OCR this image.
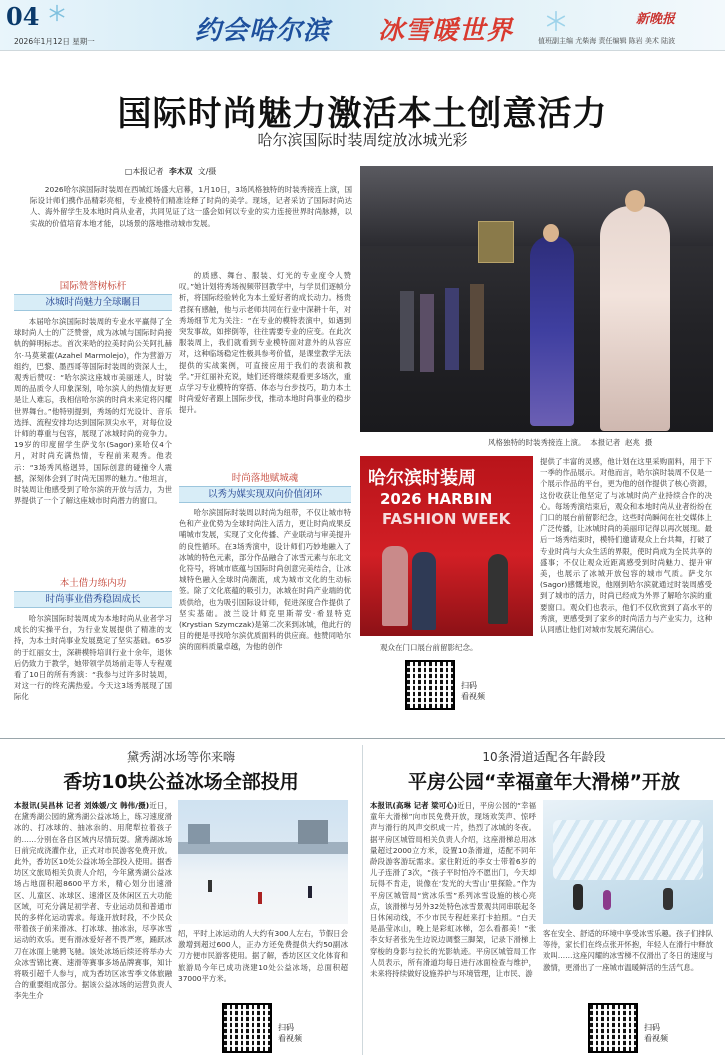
04	约会哈尔滨 冰雪暖世界	新晚报
2026年1月12日 星期一	值班副主编 尤柴海 责任编辑 陈岩 美术 陆波
国际时尚魅力激活本土创意活力
哈尔滨国际时装周绽放冰城光彩
□本报记者 李木双 文/摄
2026哈尔滨国际时装周在西城红场盛大启幕，1月10日，3场风格独特的时装秀接连上演，国际设计师们携作品精彩亮相，专业模特们精准诠释了时尚的美学。现场，记者采访了国际时尚达人、海外留学生及本地时尚从业者，共同见证了这一盛会如何以专业的实力连接世界时尚脉搏，以实战的价值培育本地才能，以场景的落地推动城市发展。
国际赞誉树标杆
冰城时尚魅力全球瞩目
本届哈尔滨国际时装周的专业水平赢得了全球时尚人士的广泛赞誉，成为冰城与国际时尚接轨的鲜明标志。首次来哈的拉美时尚公关阿扎赫尔·马莫莱霍(Azahel Marmolejo)，作为营游万组约，巴黎、墨西哥等国际时装周的资深人士，观秀后赞叹：“哈尔滨这座城市美丽迷人，时装周的品质令人印象深刻，哈尔滨人的热情友好更是让人难忘，我相信哈尔滨的时尚未来定将闪耀世界舞台。”他特别提到，秀场的灯光设计、音乐选择、流程安排均达到国际顶尖水平，对每位设计师的尊重与包容，展现了冰城时尚的竞争力。19岁的印度留学生萨戈尔(Sagor)来哈仅4个月，对时尚充满热情，专程前来观秀。他表示：“3场秀风格迥异，国际创意的碰撞令人震撼，深刻体会到了时尚无国界的魅力。”他坦言，时装周让他感受到了哈尔滨的开放与活力，为世界提供了一个了解这座城市时尚潜力的窗口。
本土借力练内功
时尚事业借秀稳固成长
哈尔滨国际时装周成为本地时尚从业者学习成长的实操平台，为行业发展提供了精准的支持，为本土时尚事业发展奠定了坚实基础。65岁的于红丽女士，深耕模特培训行业十余年，退休后仍致力于教学，她带领学员场前走等人专程观看了10日的所有秀演：“我参与过许多时装周，对这一行的终充满热爱。今天这3场秀展现了国际化
的质感、舞台、服装、灯光的专业度令人赞叹。”她计划将秀场视频带回教学中，与学员们逐帧分析，将国际经验转化为本土爱好者的成长动力。杨贵君探有感触，他与示老师共同在行业中深耕十年，对秀场细节尤为关注：“在专业的模特表演中，如遇到突发事故，如摔倒等，往往需要专业的应变。在此次服装周上，我们就看到专业模特面对意外的从容应对，这种临场稳定性极具参考价值，是课堂教学无法提供的实战案例，可直接应用于我们的表演和教学。”开红丽补充说，她们还将继续观看更多场次，重点学习专业模特的穿搭、体态与台步技巧，助力本土时尚爱好者跟上国际步伐，推动本地时尚事业的稳步提升。
时尚落地赋城魂
以秀为媒实现双向价值闭环
哈尔滨国际时装周以时尚为纽带，不仅让城市特色和产业优势为全球时尚注入活力，更让时尚成果反哺城市发展，实现了文化传播、产业联动与审美提升的良性循环。在3场秀演中，设计师们巧妙地融入了冰城的特色元素，部分作品融合了冰雪元素与东北文化符号，将城市底蕴与国际时尚创意完美结合，让冰城特色融入全球时尚潮流，成为城市文化的生动标签。除了文化底蕴的吸引力，冰城在时尚产业端的优质供给，也为吸引国际设计师，促进深度合作提供了坚实基础。波兰设计师克里斯蒂安·希显特克(Krystian Szymczak)是第二次来到冰城，他此行的目的便是寻找哈尔滨优质面料的供应商。他赞同哈尔滨的面料质量卓越，为他的创作
风格独特的时装秀接连上演。  本报记者  赵兆  摄
哈尔滨时装周
2026 HARBIN
FASHION WEEK
观众在门口展台前留影纪念。
扫码
看视频
提供了丰富的灵感，他计划在这里采购面料，用于下一季的作品展示。对他而言，哈尔滨时装周不仅是一个展示作品的平台，更为他的创作提供了核心资源，这份收获让他坚定了与冰城时尚产业持续合作的决心。每场秀演结束后，观众和本地时尚从业者纷纷在门口的展台前留影纪念，这些时尚瞬间在社交媒体上广泛传播，让冰城时尚的美丽印记得以再次展现。最后一场秀结束时，模特们邀请观众上台共舞，打破了专业时尚与大众生活的界限，使时尚成为全民共享的盛事；不仅让观众近距离感受到时尚魅力、提升审美，也展示了冰城开放包容的城市气质。萨戈尔(Sagor)感慨地说，他刚到哈尔滨就通过时装周感受到了城市的活力，时尚已经成为外界了解哈尔滨的重要窗口。观众们也表示，他们不仅欣赏到了高水平的秀演，更感受到了家乡的时尚活力与产业实力，这种认同感让他们对城市发展充满信心。
黛秀湖冰场等你来嗨
香坊10块公益冰场全部投用
本报讯(吴昌林 记者 刘姝媛/文 韩伟/摄)近日，在黛秀湖公园的黛秀湖公益冰场上，练习速度滑冰的、打冰球的、抽冰尜的、用爬犁拉着孩子的……分别在各自区域内尽情玩耍。黛秀湖冰场日前完成浇灌作业，正式对市民游客免费开放。此外，香坊区10处公益冰场全部投入使用。据香坊区文旅局相关负责人介绍，今年黛秀湖公益冰场占地面积超8600平方米，精心划分出速滑区、儿童区、冰球区、速滑区及休闲区五大功能区域，可充分满足初学者、专业运动员和普通市民的多样化运动需求。每逢开放时段，不少民众带着孩子前来滑冰、打冰球、抽冰尜，尽享冰雪运动的欢乐。更有滑冰爱好者不畏严寒，踊跃冰刀在冰面上驰骋飞驰。该处冰场后续还将举办大众冰雪锦比赛、速滑等赛事多场品牌赛事，知计将吸引超千人参与，成为香坊区冰雪季文体旅融合的重要组成部分。据该公益冰场的运营负责人李先生介
绍，平时上冰运动的人大约有300人左右，节假日会激增到超过600人，正办方还免费提供大约50副冰刀方便市民游客使用。据了解，香坊区区文化体育和旅游局今年已成功浇建10处公益冰场，总面积超37000平方米。
扫码
看视频
10条滑道适配各年龄段
平房公园“幸福童年大滑梯”开放
本报讯(高琳 记者 梁可心)近日，平房公园的“幸福童年大滑梯”向市民免费开放，现场欢笑声、惊呼声与滑行的风声交织成一片，热烈了冰城的冬夜。据平房区城管局相关负责人介绍，这座滑梯总用冰量超过2000立方米，设置10条滑道，适配不同年龄段游客游玩需求。家住附近的李女士带着6岁的儿子连滑了3次，“孩子平时怕冷不愿出门，今天却玩得不肯走，说像在‘发光的大雪山’里探险。”作为平房区城管局“赏冰乐雪”系列冰雪设施的核心亮点，该滑梯与另外32处特色冰雪景观共同串联起冬日休闲动线，不少市民专程赶来打卡拍照。“白天是晶莹冰山，晚上是彩虹冰梯，怎么看都美！”张李女好者张先生边说边调整三脚架，记录下滑梯上穿梭的身影与拉长的光影轨迹。平房区城管局工作人员表示，所有滑道均每日进行冰面检查与维护，未来将持续做好设施养护与环境管理，让市民、游
客在安全、舒适的环境中享受冰雪乐趣。孩子们排队等待，家长们在终点张开怀抱，年轻人在滑行中释放欢叫……这座闪耀的冰雪梯不仅滑出了冬日的速度与激情，更滑出了一座城市温暖鲜活的生活气息。
扫码
看视频
